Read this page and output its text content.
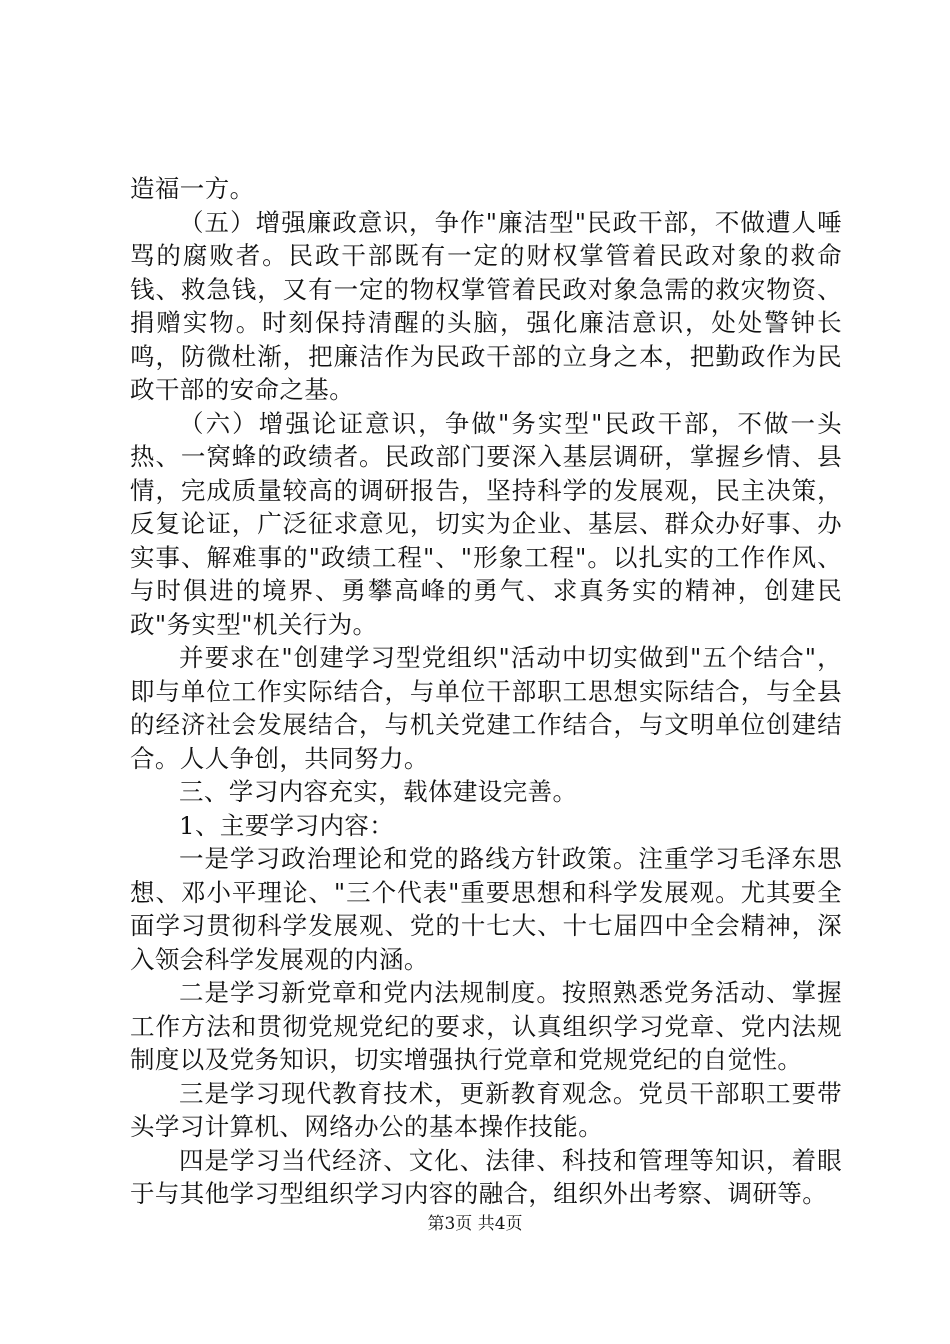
造福一方。

（五）增强廉政意识，争作"廉洁型"民政干部，不做遭人唾骂的腐败者。民政干部既有一定的财权掌管着民政对象的救命钱、救急钱，又有一定的物权掌管着民政对象急需的救灾物资、捐赠实物。时刻保持清醒的头脑，强化廉洁意识，处处警钟长鸣，防微杜渐，把廉洁作为民政干部的立身之本，把勤政作为民政干部的安命之基。

（六）增强论证意识，争做"务实型"民政干部，不做一头热、一窝蜂的政绩者。民政部门要深入基层调研，掌握乡情、县情，完成质量较高的调研报告，坚持科学的发展观，民主决策，反复论证，广泛征求意见，切实为企业、基层、群众办好事、办实事、解难事的"政绩工程"、"形象工程"。以扎实的工作作风、与时俱进的境界、勇攀高峰的勇气、求真务实的精神，创建民政"务实型"机关行为。

并要求在"创建学习型党组织"活动中切实做到"五个结合"，即与单位工作实际结合，与单位干部职工思想实际结合，与全县的经济社会发展结合，与机关党建工作结合，与文明单位创建结合。人人争创，共同努力。

三、学习内容充实，载体建设完善。

1、主要学习内容：

一是学习政治理论和党的路线方针政策。注重学习毛泽东思想、邓小平理论、"三个代表"重要思想和科学发展观。尤其要全面学习贯彻科学发展观、党的十七大、十七届四中全会精神，深入领会科学发展观的内涵。

二是学习新党章和党内法规制度。按照熟悉党务活动、掌握工作方法和贯彻党规党纪的要求，认真组织学习党章、党内法规制度以及党务知识，切实增强执行党章和党规党纪的自觉性。

三是学习现代教育技术，更新教育观念。党员干部职工要带头学习计算机、网络办公的基本操作技能。

四是学习当代经济、文化、法律、科技和管理等知识，着眼于与其他学习型组织学习内容的融合，组织外出考察、调研等。

第3页 共4页
